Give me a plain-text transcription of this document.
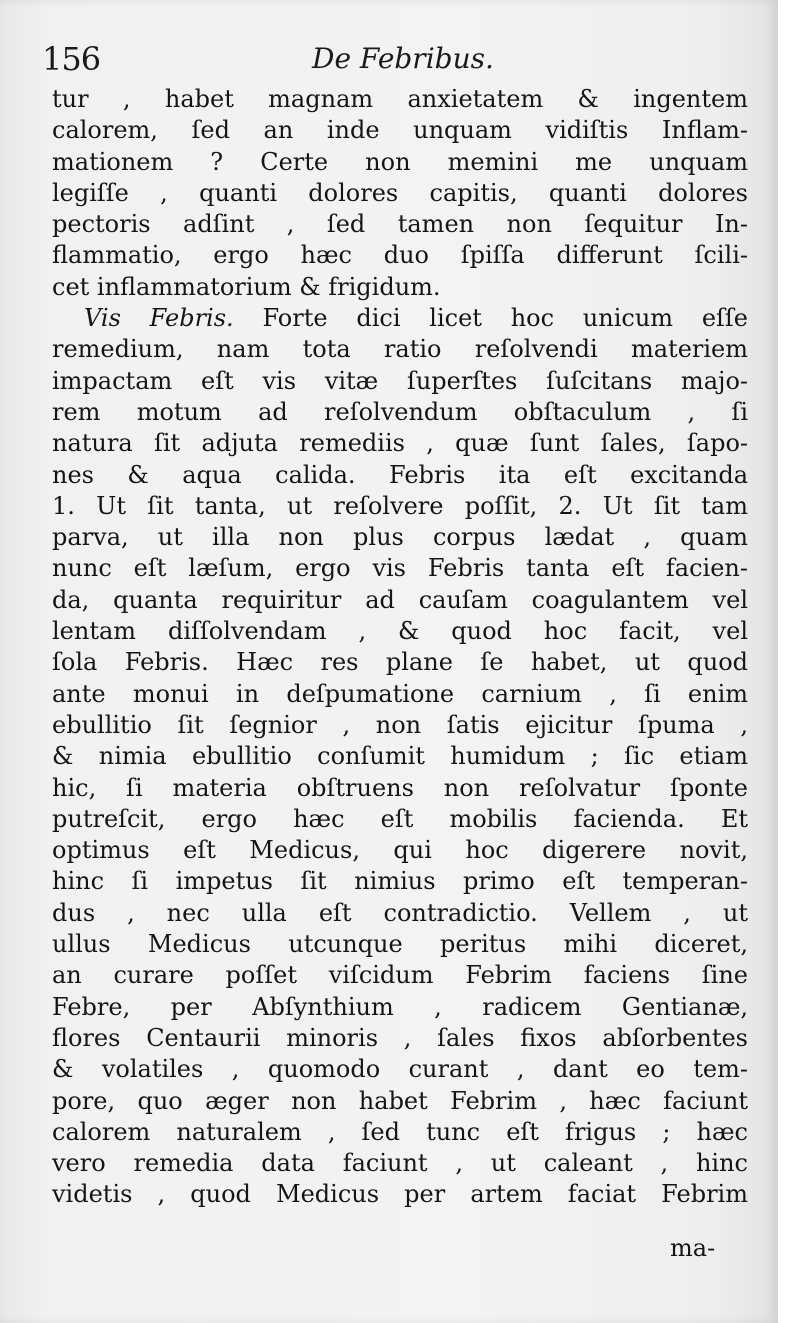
156	De Febribus.
tur , habet magnam anxietatem & ingentem
calorem, ſed an inde unquam vidiſtis Inflam-
mationem ? Certe non memini me unquam
legiſſe , quanti dolores capitis, quanti dolores
pectoris adſint , ſed tamen non ſequitur In-
flammatio, ergo hæc duo ſpiſſa differunt ſcili-
cet inflammatorium & frigidum.
Vis Febris. Forte dici licet hoc unicum eſſe
remedium, nam tota ratio reſolvendi materiem
impactam eſt vis vitæ ſuperſtes ſuſcitans majo-
rem motum ad reſolvendum obſtaculum , ſi
natura ſit adjuta remediis , quæ ſunt ſales, ſapo-
nes & aqua calida. Febris ita eſt excitanda
1. Ut ſit tanta, ut reſolvere poſſit, 2. Ut ſit tam
parva, ut illa non plus corpus lædat , quam
nunc eſt læſum, ergo vis Febris tanta eſt facien-
da, quanta requiritur ad cauſam coagulantem vel
lentam diſſolvendam , & quod hoc facit, vel
ſola Febris. Hæc res plane ſe habet, ut quod
ante monui in deſpumatione carnium , ſi enim
ebullitio ſit ſegnior , non ſatis ejicitur ſpuma ,
& nimia ebullitio conſumit humidum ; ſic etiam
hic, ſi materia obſtruens non reſolvatur ſponte
putreſcit, ergo hæc eſt mobilis facienda. Et
optimus eſt Medicus, qui hoc digerere novit,
hinc ſi impetus ſit nimius primo eſt temperan-
dus , nec ulla eſt contradictio. Vellem , ut
ullus Medicus utcunque peritus mihi diceret,
an curare poſſet viſcidum Febrim faciens ſine
Febre, per Abſynthium , radicem Gentianæ,
flores Centaurii minoris , ſales fixos abſorbentes
& volatiles , quomodo curant , dant eo tem-
pore, quo æger non habet Febrim , hæc faciunt
calorem naturalem , ſed tunc eſt frigus ; hæc
vero remedia data faciunt , ut caleant , hinc
videtis , quod Medicus per artem faciat Febrim
ma-
